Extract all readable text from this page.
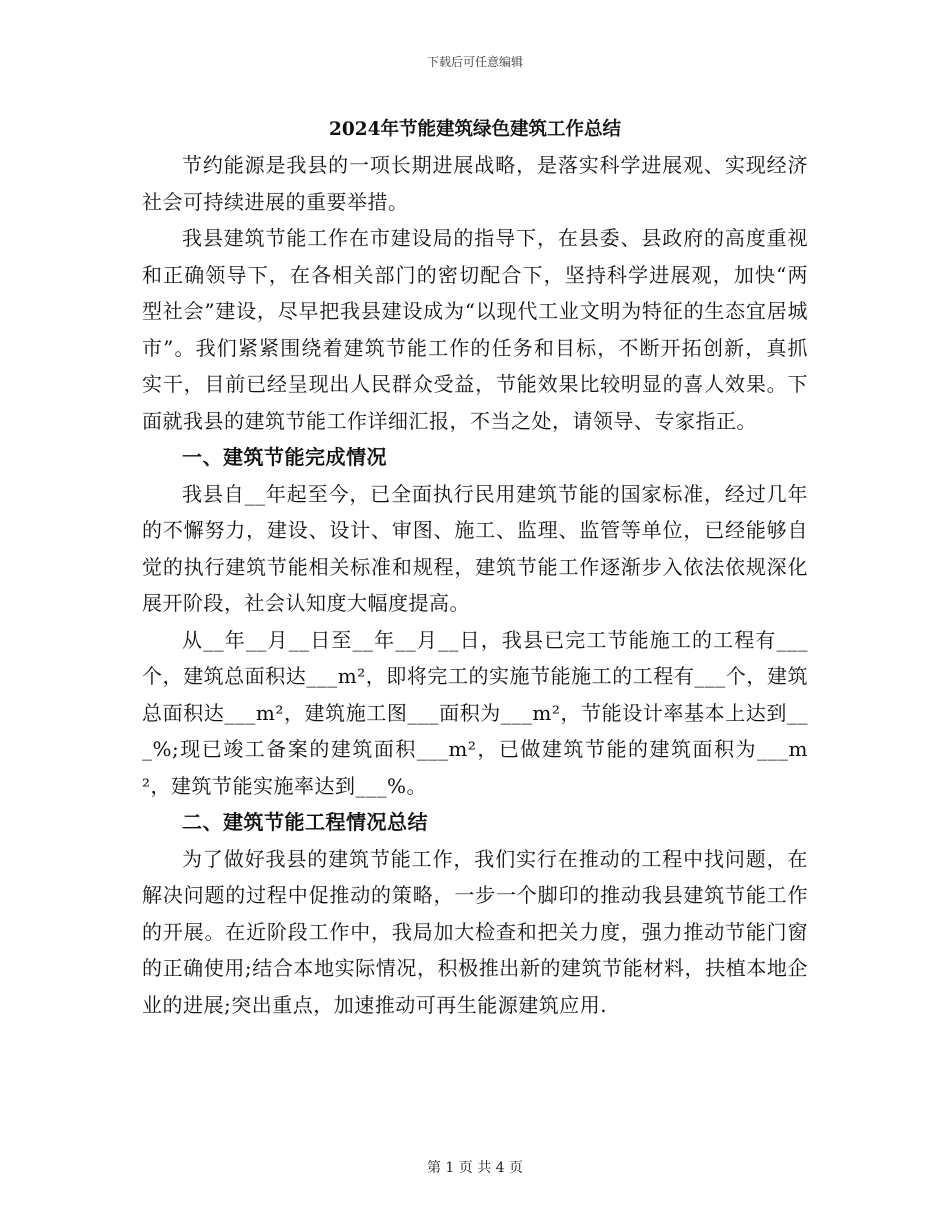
下载后可任意编辑
2024年节能建筑绿色建筑工作总结

节约能源是我县的一项长期进展战略，是落实科学进展观、实现经济社会可持续进展的重要举措。

我县建筑节能工作在市建设局的指导下，在县委、县政府的高度重视和正确领导下，在各相关部门的密切配合下，坚持科学进展观，加快“两型社会”建设，尽早把我县建设成为“以现代工业文明为特征的生态宜居城市”。我们紧紧围绕着建筑节能工作的任务和目标，不断开拓创新，真抓实干，目前已经呈现出人民群众受益，节能效果比较明显的喜人效果。下面就我县的建筑节能工作详细汇报，不当之处，请领导、专家指正。

一、建筑节能完成情况

我县自__年起至今，已全面执行民用建筑节能的国家标准，经过几年的不懈努力，建设、设计、审图、施工、监理、监管等单位，已经能够自觉的执行建筑节能相关标准和规程，建筑节能工作逐渐步入依法依规深化展开阶段，社会认知度大幅度提高。

从__年__月__日至__年__月__日，我县已完工节能施工的工程有___个，建筑总面积达___m²，即将完工的实施节能施工的工程有___个，建筑总面积达___m²，建筑施工图___面积为___m²，节能设计率基本上达到___%;现已竣工备案的建筑面积___m²，已做建筑节能的建筑面积为___m²，建筑节能实施率达到___%。

二、建筑节能工程情况总结

为了做好我县的建筑节能工作，我们实行在推动的工程中找问题，在解决问题的过程中促推动的策略，一步一个脚印的推动我县建筑节能工作的开展。在近阶段工作中，我局加大检查和把关力度，强力推动节能门窗的正确使用;结合本地实际情况，积极推出新的建筑节能材料，扶植本地企业的进展;突出重点，加速推动可再生能源建筑应用.

第 1 页 共 4 页
